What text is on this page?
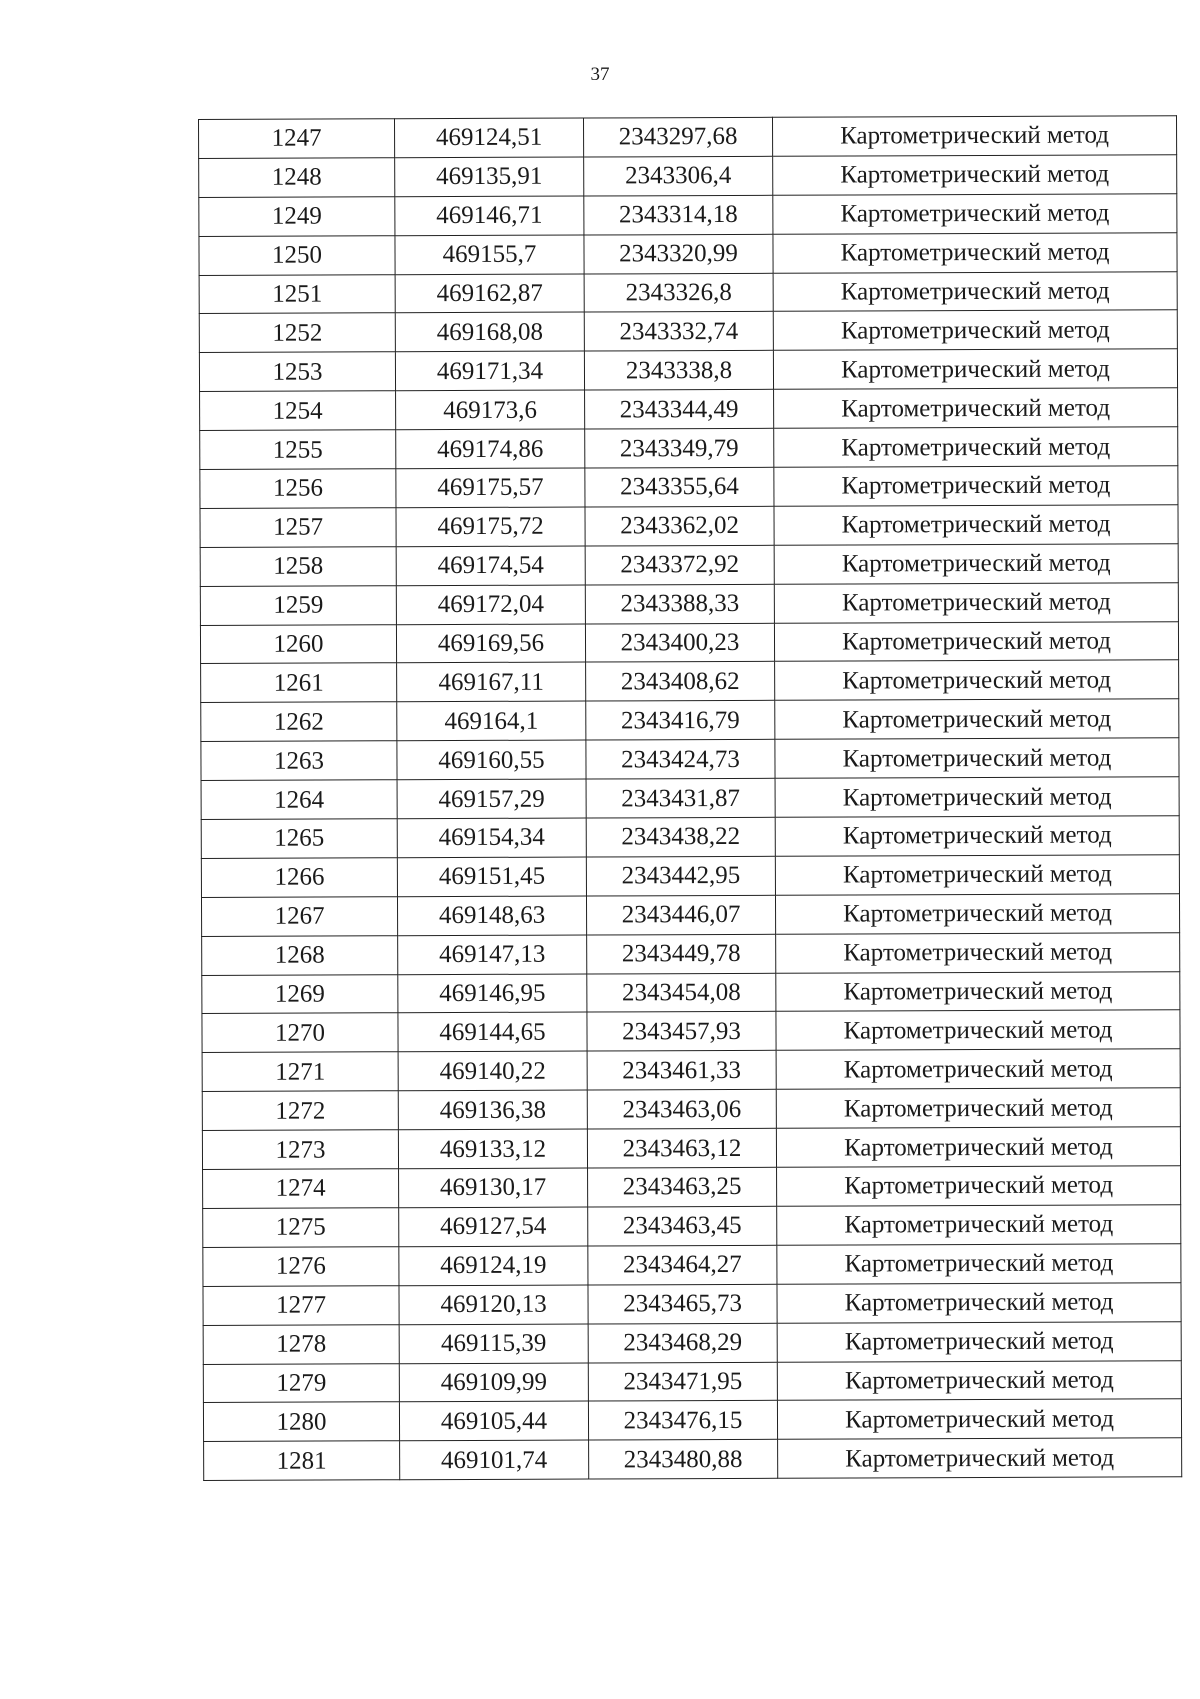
37
1247	469124,51	2343297,68	Картометрический метод
1248	469135,91	2343306,4	Картометрический метод
1249	469146,71	2343314,18	Картометрический метод
1250	469155,7	2343320,99	Картометрический метод
1251	469162,87	2343326,8	Картометрический метод
1252	469168,08	2343332,74	Картометрический метод
1253	469171,34	2343338,8	Картометрический метод
1254	469173,6	2343344,49	Картометрический метод
1255	469174,86	2343349,79	Картометрический метод
1256	469175,57	2343355,64	Картометрический метод
1257	469175,72	2343362,02	Картометрический метод
1258	469174,54	2343372,92	Картометрический метод
1259	469172,04	2343388,33	Картометрический метод
1260	469169,56	2343400,23	Картометрический метод
1261	469167,11	2343408,62	Картометрический метод
1262	469164,1	2343416,79	Картометрический метод
1263	469160,55	2343424,73	Картометрический метод
1264	469157,29	2343431,87	Картометрический метод
1265	469154,34	2343438,22	Картометрический метод
1266	469151,45	2343442,95	Картометрический метод
1267	469148,63	2343446,07	Картометрический метод
1268	469147,13	2343449,78	Картометрический метод
1269	469146,95	2343454,08	Картометрический метод
1270	469144,65	2343457,93	Картометрический метод
1271	469140,22	2343461,33	Картометрический метод
1272	469136,38	2343463,06	Картометрический метод
1273	469133,12	2343463,12	Картометрический метод
1274	469130,17	2343463,25	Картометрический метод
1275	469127,54	2343463,45	Картометрический метод
1276	469124,19	2343464,27	Картометрический метод
1277	469120,13	2343465,73	Картометрический метод
1278	469115,39	2343468,29	Картометрический метод
1279	469109,99	2343471,95	Картометрический метод
1280	469105,44	2343476,15	Картометрический метод
1281	469101,74	2343480,88	Картометрический метод
